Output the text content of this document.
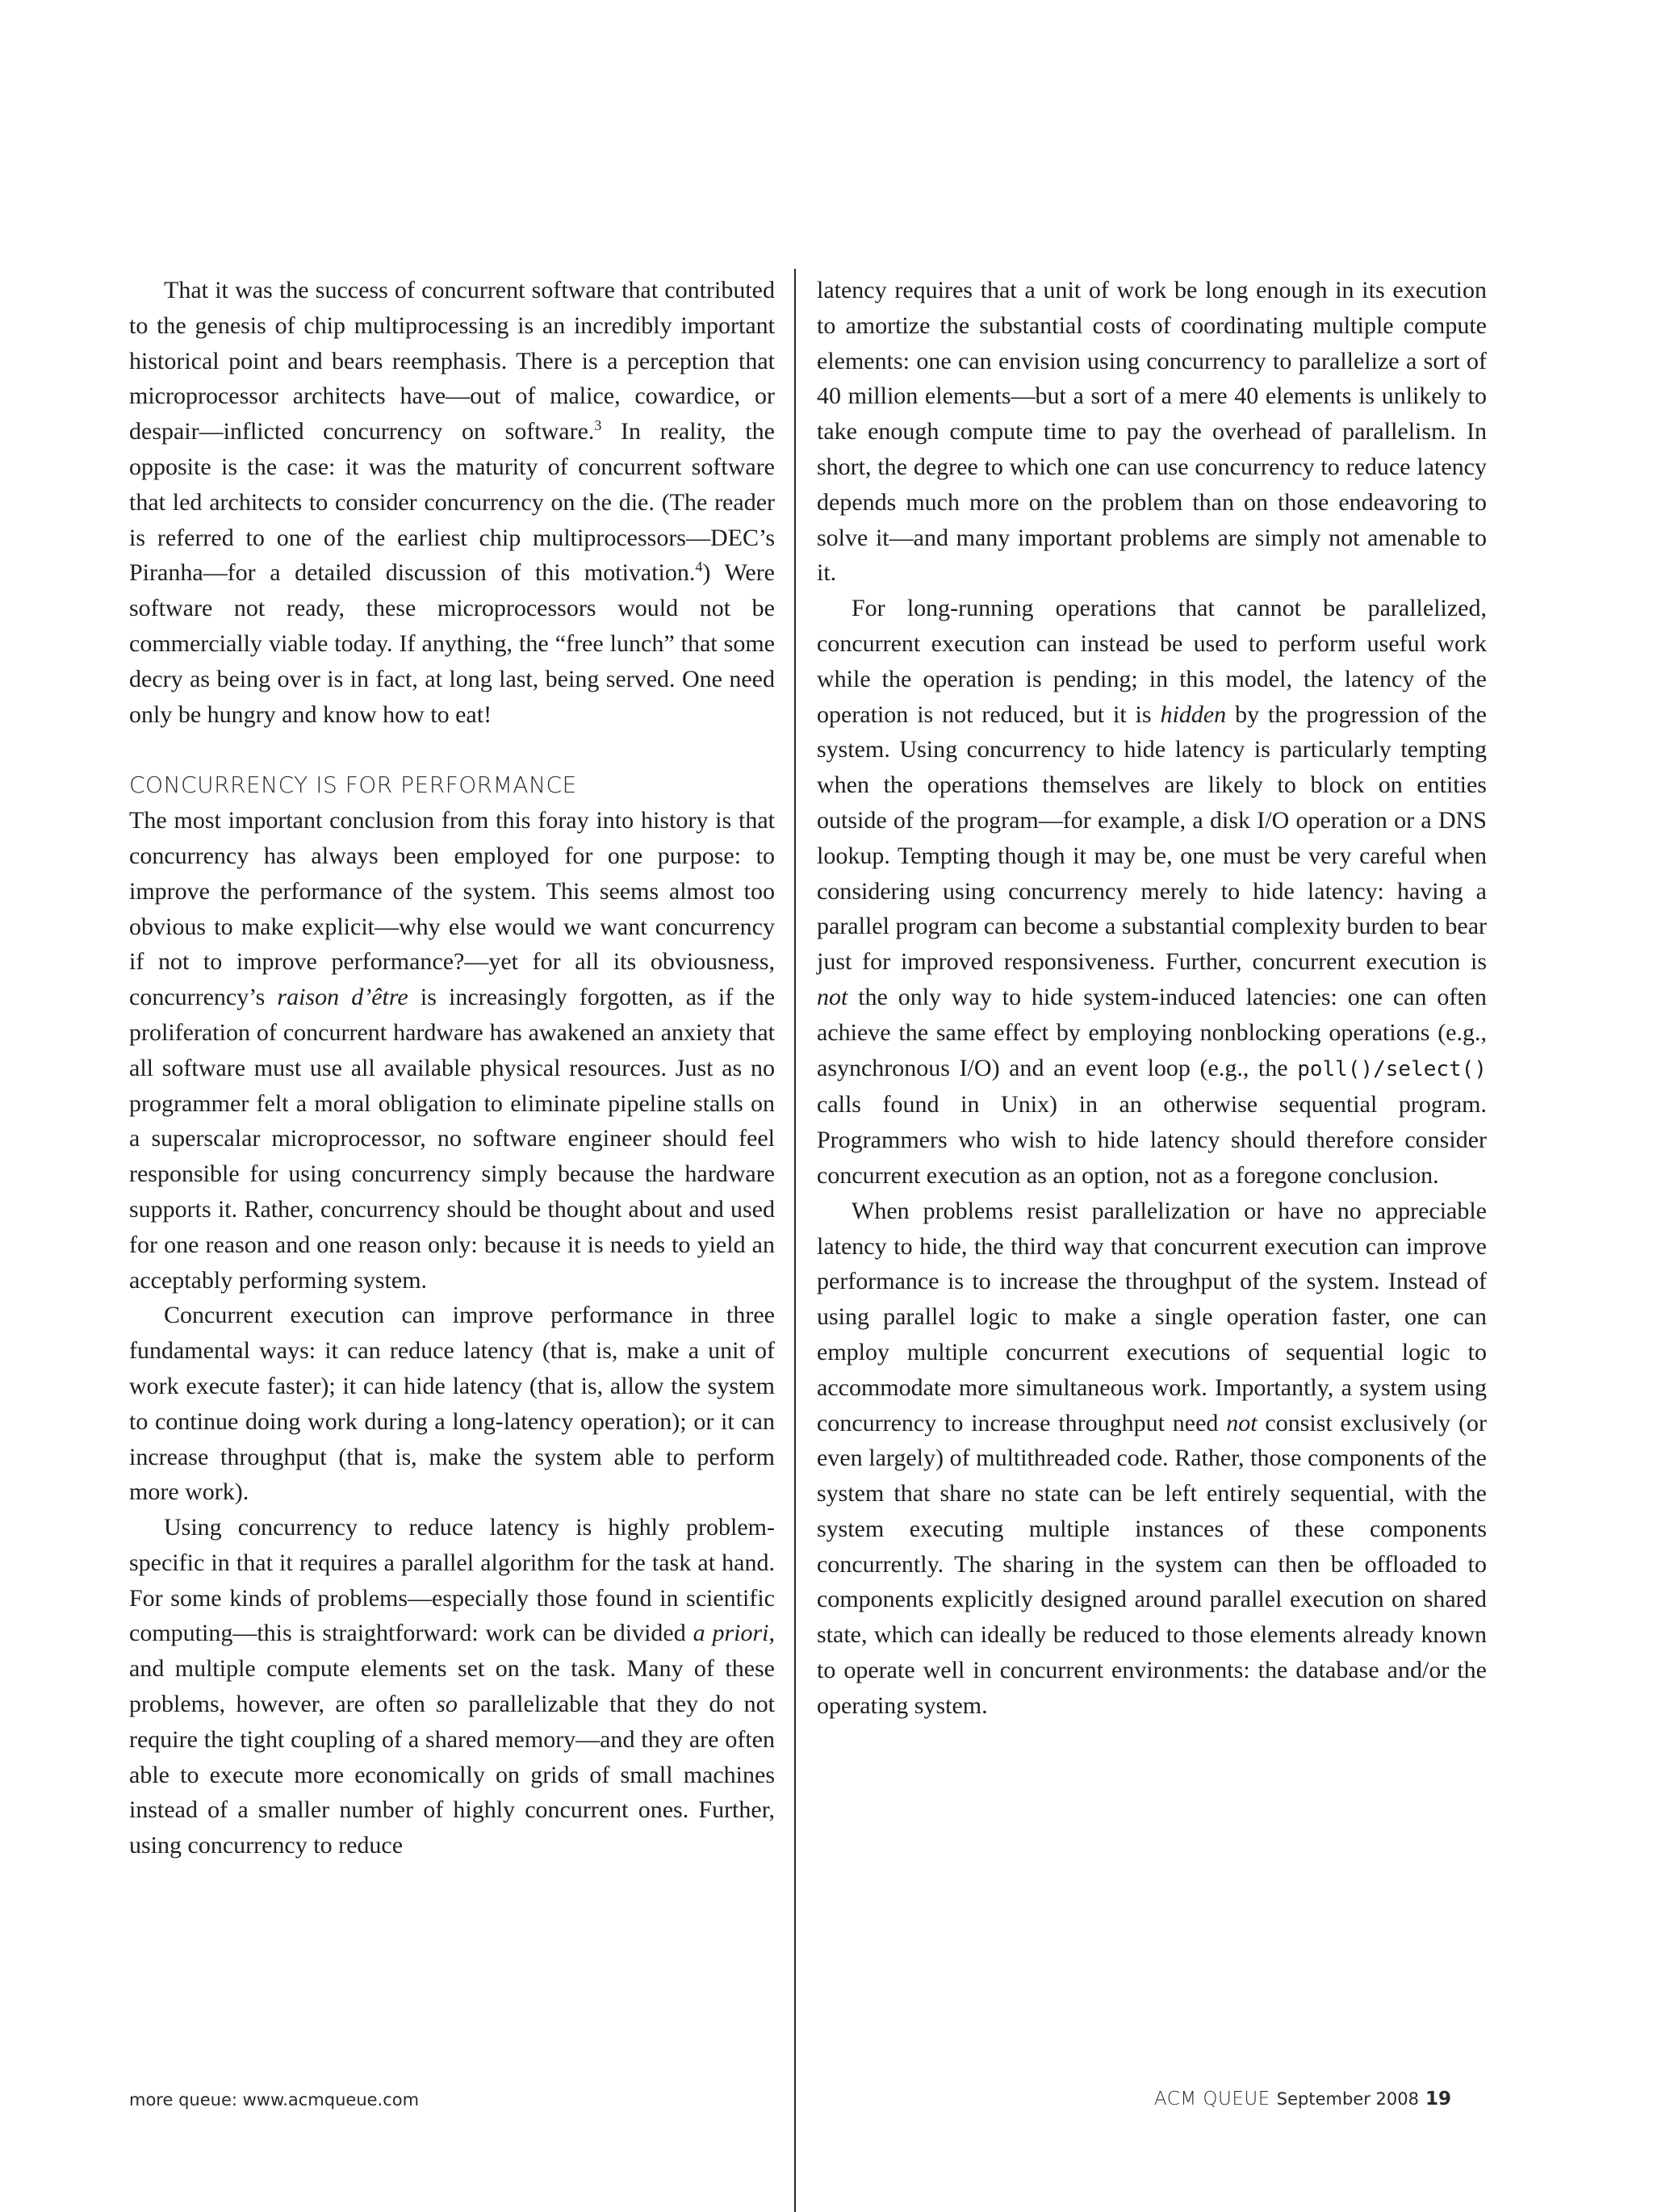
That it was the success of concurrent software that contributed to the genesis of chip multiprocessing is an incredibly important historical point and bears reemphasis. There is a perception that microprocessor architects have—out of malice, cowardice, or despair—inflicted concurrency on software.$^3$ In reality, the opposite is the case: it was the maturity of concurrent software that led architects to consider concurrency on the die. (The reader is referred to one of the earliest chip multiprocessors—DEC’s Piranha—for a detailed discussion of this motivation.$^4$) Were software not ready, these microprocessors would not be commercially viable today. If anything, the “free lunch” that some decry as being over is in fact, at long last, being served. One need only be hungry and know how to eat!

CONCURRENCY IS FOR PERFORMANCE

The most important conclusion from this foray into history is that concurrency has always been employed for one purpose: to improve the performance of the system. This seems almost too obvious to make explicit—why else would we want concurrency if not to improve performance?—yet for all its obviousness, concurrency’s raison d’être is increasingly forgotten, as if the proliferation of concurrent hardware has awakened an anxiety that all software must use all available physical resources. Just as no programmer felt a moral obligation to eliminate pipeline stalls on a superscalar microprocessor, no software engineer should feel responsible for using concurrency simply because the hardware supports it. Rather, concurrency should be thought about and used for one reason and one reason only: because it is needs to yield an acceptably performing system.

Concurrent execution can improve performance in three fundamental ways: it can reduce latency (that is, make a unit of work execute faster); it can hide latency (that is, allow the system to continue doing work during a long-latency operation); or it can increase throughput (that is, make the system able to perform more work).

Using concurrency to reduce latency is highly problem-specific in that it requires a parallel algorithm for the task at hand. For some kinds of problems—especially those found in scientific computing—this is straightforward: work can be divided a priori, and multiple compute elements set on the task. Many of these problems, however, are often so parallelizable that they do not require the tight coupling of a shared memory—and they are often able to execute more economically on grids of small machines instead of a smaller number of highly concurrent ones. Further, using concurrency to reduce

latency requires that a unit of work be long enough in its execution to amortize the substantial costs of coordinating multiple compute elements: one can envision using concurrency to parallelize a sort of 40 million elements—but a sort of a mere 40 elements is unlikely to take enough compute time to pay the overhead of parallelism. In short, the degree to which one can use concurrency to reduce latency depends much more on the problem than on those endeavoring to solve it—and many important problems are simply not amenable to it.

For long-running operations that cannot be parallelized, concurrent execution can instead be used to perform useful work while the operation is pending; in this model, the latency of the operation is not reduced, but it is hidden by the progression of the system. Using concurrency to hide latency is particularly tempting when the operations themselves are likely to block on entities outside of the program—for example, a disk I/O operation or a DNS lookup. Tempting though it may be, one must be very careful when considering using concurrency merely to hide latency: having a parallel program can become a substantial complexity burden to bear just for improved responsiveness. Further, concurrent execution is not the only way to hide system-induced latencies: one can often achieve the same effect by employing nonblocking operations (e.g., asynchronous I/O) and an event loop (e.g., the poll()/select() calls found in Unix) in an otherwise sequential program. Programmers who wish to hide latency should therefore consider concurrent execution as an option, not as a foregone conclusion.

When problems resist parallelization or have no appreciable latency to hide, the third way that concurrent execution can improve performance is to increase the throughput of the system. Instead of using parallel logic to make a single operation faster, one can employ multiple concurrent executions of sequential logic to accommodate more simultaneous work. Importantly, a system using concurrency to increase throughput need not consist exclusively (or even largely) of multithreaded code. Rather, those components of the system that share no state can be left entirely sequential, with the system executing multiple instances of these components concurrently. The sharing in the system can then be offloaded to components explicitly designed around parallel execution on shared state, which can ideally be reduced to those elements already known to operate well in concurrent environments: the database and/or the operating system.

more queue: www.acmqueue.com	ACM QUEUE September 2008 19
